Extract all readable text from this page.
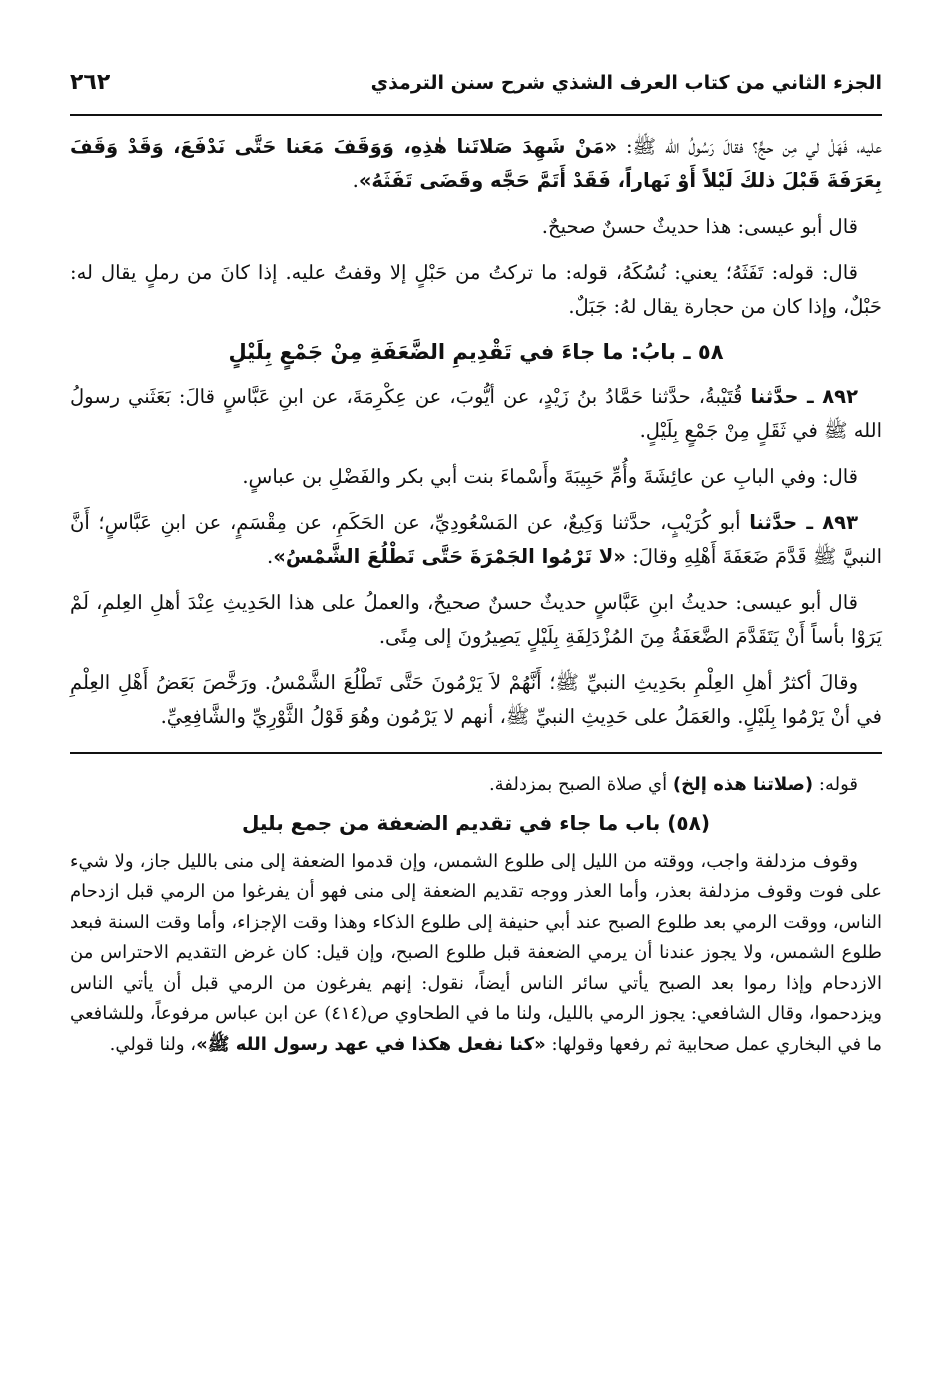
الجزء الثاني من كتاب العرف الشذي شرح سنن الترمذي
٢٦٢

عليه، فَهَلْ لي مِن حجٍّ؟ فقالَ رَسُولُ الله ﷺ: «مَنْ شَهِدَ صَلاتَنا هٰذِهِ، وَوَقَفَ مَعَنا حَتَّى نَدْفَعَ، وَقَدْ وَقَفَ بِعَرَفَةَ قَبْلَ ذلكَ لَيْلاً أَوْ نَهاراً، فَقَدْ أَتَمَّ حَجَّه وقَضَى تَفَثَهُ».

قال أبو عيسى: هذا حديثٌ حسنٌ صحيحٌ.

قال: قوله: تَفَثَهُ؛ يعني: نُسُكَهُ، قوله: ما تركتُ من حَبْلٍ إلا وقفتُ عليه. إذا كانَ من رملٍ يقال له: حَبْلٌ، وإذا كان من حجارة يقال لهُ: جَبَلٌ.

٥٨ ـ بابُ: ما جاءَ في تَقْدِيمِ الضَّعَفَةِ مِنْ جَمْعٍ بِلَيْلٍ

٨٩٢ ـ حدَّثنا قُتَيْبةُ، حدَّثنا حَمَّادُ بنُ زَيْدٍ، عن أيُّوبَ، عن عِكْرِمَةَ، عن ابنِ عَبَّاسٍ قالَ: بَعَثَني رسولُ الله ﷺ في ثَقَلٍ مِنْ جَمْعٍ بِلَيْلٍ.

قال: وفي البابِ عن عائِشَةَ وأُمِّ حَبِيبَةَ وأَسْماءَ بنت أبي بكر والفَضْلِ بن عباسٍ.

٨٩٣ ـ حدَّثنا أبو كُرَيْبٍ، حدَّثنا وَكِيعٌ، عن المَسْعُودِيِّ، عن الحَكَمِ، عن مِقْسَمٍ، عن ابنِ عَبَّاسٍ؛ أَنَّ النبيَّ ﷺ قَدَّمَ ضَعَفَةَ أَهْلِهِ وقالَ: «لا تَرْمُوا الجَمْرَةَ حَتَّى تَطْلُعَ الشَّمْسُ».

قال أبو عيسى: حديثُ ابنِ عَبَّاسٍ حديثٌ حسنٌ صحيحٌ، والعملُ على هذا الحَدِيثِ عِنْدَ أهلِ العِلمِ، لَمْ يَرَوْا بأساً أَنْ يَتَقَدَّمَ الضَّعَفَةُ مِنَ المُزْدَلِفَةِ بِلَيْلٍ يَصِيرُونَ إلى مِنًى.

وقالَ أكثرُ أهلِ العِلْمِ بحَدِيثِ النبيِّ ﷺ؛ أَنَّهُمْ لاَ يَرْمُونَ حَتَّى تَطْلُعَ الشَّمْسُ. ورَخَّصَ بَعَضُ أَهْلِ العِلْمِ في أنْ يَرْمُوا بِلَيْلٍ. والعَمَلُ على حَدِيثِ النبيِّ ﷺ، أنهم لا يَرْمُون وهُوَ قَوْلُ الثَّوْرِيِّ والشَّافِعِيِّ.

قوله: (صلاتنا هذه إلخ) أي صلاة الصبح بمزدلفة.

(٥٨) باب ما جاء في تقديم الضعفة من جمع بليل

وقوف مزدلفة واجب، ووقته من الليل إلى طلوع الشمس، وإن قدموا الضعفة إلى منى بالليل جاز، ولا شيء على فوت وقوف مزدلفة بعذر، وأما العذر ووجه تقديم الضعفة إلى منى فهو أن يفرغوا من الرمي قبل ازدحام الناس، ووقت الرمي بعد طلوع الصبح عند أبي حنيفة إلى طلوع الذكاء وهذا وقت الإجزاء، وأما وقت السنة فبعد طلوع الشمس، ولا يجوز عندنا أن يرمي الضعفة قبل طلوع الصبح، وإن قيل: كان غرض التقديم الاحتراس من الازدحام وإذا رموا بعد الصبح يأتي سائر الناس أيضاً، نقول: إنهم يفرغون من الرمي قبل أن يأتي الناس ويزدحموا، وقال الشافعي: يجوز الرمي بالليل، ولنا ما في الطحاوي ص(٤١٤) عن ابن عباس مرفوعاً، وللشافعي ما في البخاري عمل صحابية ثم رفعها وقولها: «كنا نفعل هكذا في عهد رسول الله ﷺ»، ولنا قولي.
